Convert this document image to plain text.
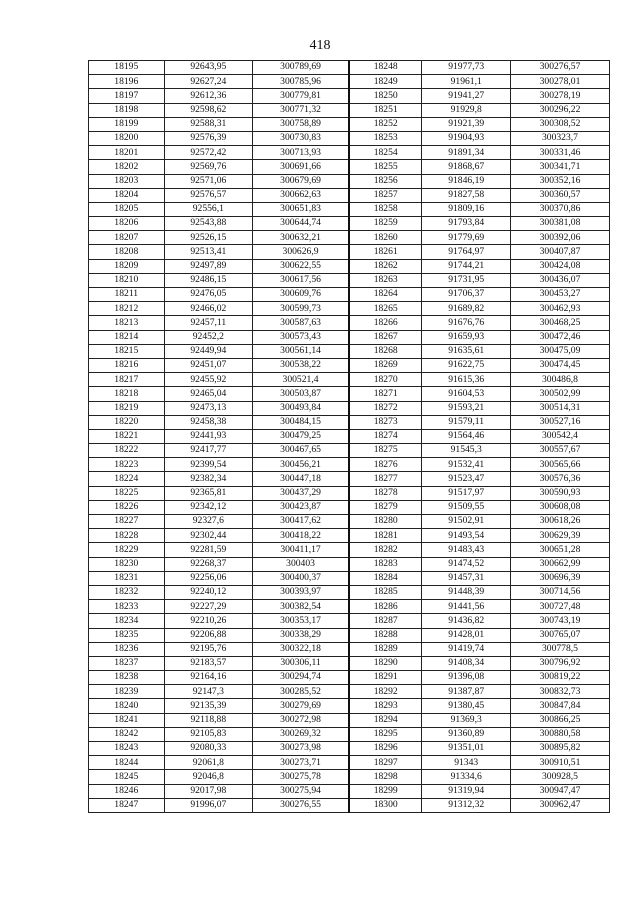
418
18195	92643,95	300789,69	18248	91977,73	300276,57
18196	92627,24	300785,96	18249	91961,1	300278,01
18197	92612,36	300779,81	18250	91941,27	300278,19
18198	92598,62	300771,32	18251	91929,8	300296,22
18199	92588,31	300758,89	18252	91921,39	300308,52
18200	92576,39	300730,83	18253	91904,93	300323,7
18201	92572,42	300713,93	18254	91891,34	300331,46
18202	92569,76	300691,66	18255	91868,67	300341,71
18203	92571,06	300679,69	18256	91846,19	300352,16
18204	92576,57	300662,63	18257	91827,58	300360,57
18205	92556,1	300651,83	18258	91809,16	300370,86
18206	92543,88	300644,74	18259	91793,84	300381,08
18207	92526,15	300632,21	18260	91779,69	300392,06
18208	92513,41	300626,9	18261	91764,97	300407,87
18209	92497,89	300622,55	18262	91744,21	300424,08
18210	92486,15	300617,56	18263	91731,95	300436,07
18211	92476,05	300609,76	18264	91706,37	300453,27
18212	92466,02	300599,73	18265	91689,82	300462,93
18213	92457,11	300587,63	18266	91676,76	300468,25
18214	92452,2	300573,43	18267	91659,93	300472,46
18215	92449,94	300561,14	18268	91635,61	300475,09
18216	92451,07	300538,22	18269	91622,75	300474,45
18217	92455,92	300521,4	18270	91615,36	300486,8
18218	92465,04	300503,87	18271	91604,53	300502,99
18219	92473,13	300493,84	18272	91593,21	300514,31
18220	92458,38	300484,15	18273	91579,11	300527,16
18221	92441,93	300479,25	18274	91564,46	300542,4
18222	92417,77	300467,65	18275	91545,3	300557,67
18223	92399,54	300456,21	18276	91532,41	300565,66
18224	92382,34	300447,18	18277	91523,47	300576,36
18225	92365,81	300437,29	18278	91517,97	300590,93
18226	92342,12	300423,87	18279	91509,55	300608,08
18227	92327,6	300417,62	18280	91502,91	300618,26
18228	92302,44	300418,22	18281	91493,54	300629,39
18229	92281,59	300411,17	18282	91483,43	300651,28
18230	92268,37	300403	18283	91474,52	300662,99
18231	92256,06	300400,37	18284	91457,31	300696,39
18232	92240,12	300393,97	18285	91448,39	300714,56
18233	92227,29	300382,54	18286	91441,56	300727,48
18234	92210,26	300353,17	18287	91436,82	300743,19
18235	92206,88	300338,29	18288	91428,01	300765,07
18236	92195,76	300322,18	18289	91419,74	300778,5
18237	92183,57	300306,11	18290	91408,34	300796,92
18238	92164,16	300294,74	18291	91396,08	300819,22
18239	92147,3	300285,52	18292	91387,87	300832,73
18240	92135,39	300279,69	18293	91380,45	300847,84
18241	92118,88	300272,98	18294	91369,3	300866,25
18242	92105,83	300269,32	18295	91360,89	300880,58
18243	92080,33	300273,98	18296	91351,01	300895,82
18244	92061,8	300273,71	18297	91343	300910,51
18245	92046,8	300275,78	18298	91334,6	300928,5
18246	92017,98	300275,94	18299	91319,94	300947,47
18247	91996,07	300276,55	18300	91312,32	300962,47
